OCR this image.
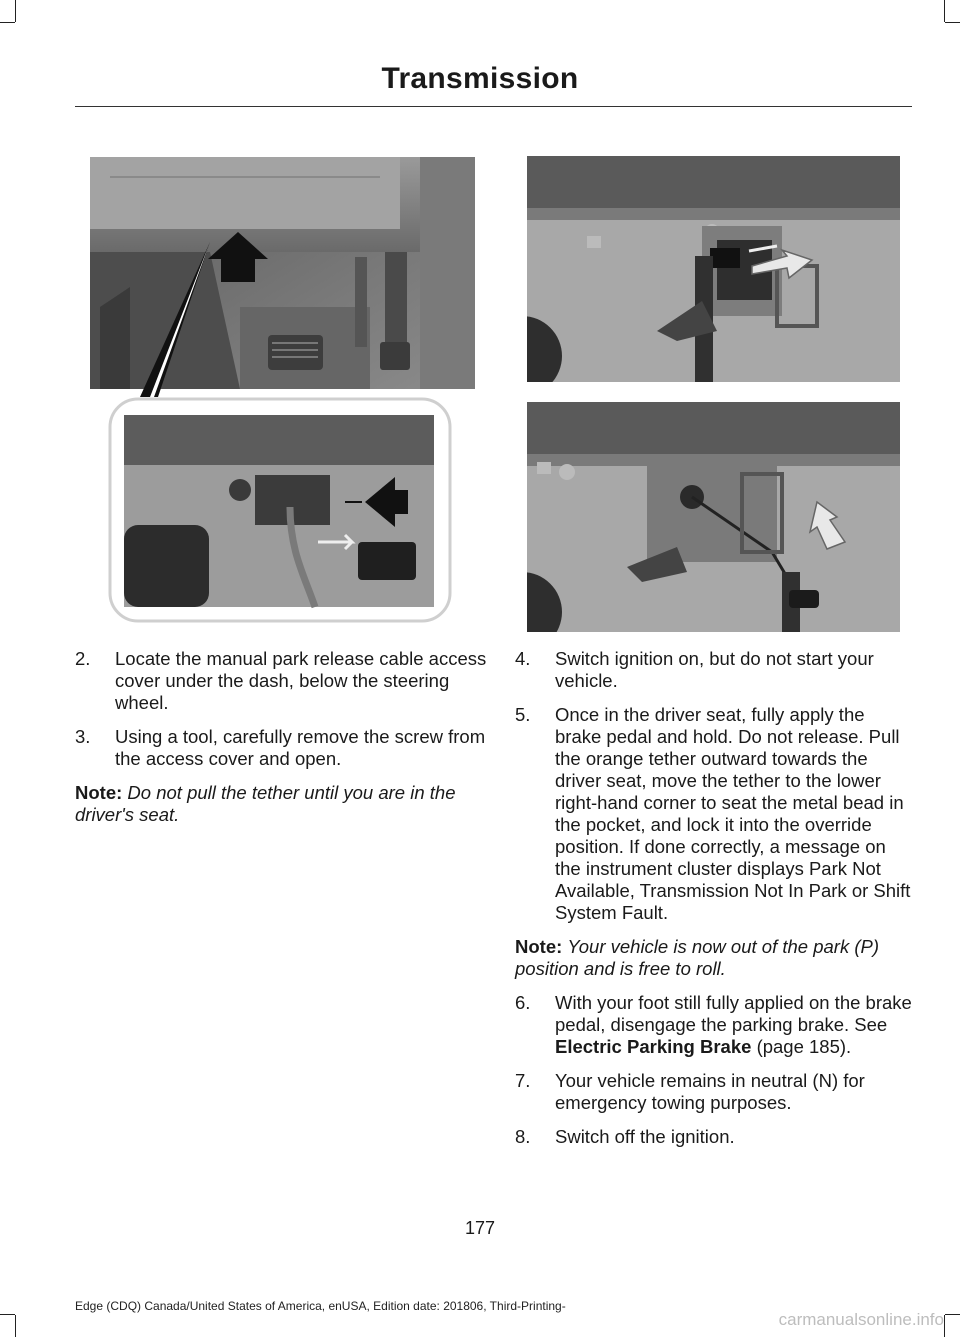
Transmission
2.	Locate the manual park release cable access cover under the dash, below the steering wheel.
3.	Using a tool, carefully remove the screw from the access cover and open.
Note: Do not pull the tether until you are in the driver's seat.
4.	Switch ignition on, but do not start your vehicle.
5.	Once in the driver seat, fully apply the brake pedal and hold. Do not release. Pull the orange tether outward towards the driver seat, move the tether to the lower right-hand corner to seat the metal bead in the pocket, and lock it into the override position. If done correctly, a message on the instrument cluster displays Park Not Available, Transmission Not In Park or Shift System Fault.
Note: Your vehicle is now out of the park (P) position and is free to roll.
6.	With your foot still fully applied on the brake pedal, disengage the parking brake. See Electric Parking Brake (page 185).
7.	Your vehicle remains in neutral (N) for emergency towing purposes.
8.	Switch off the ignition.
177
Edge (CDQ) Canada/United States of America, enUSA, Edition date: 201806, Third-Printing-
carmanualsonline.info
